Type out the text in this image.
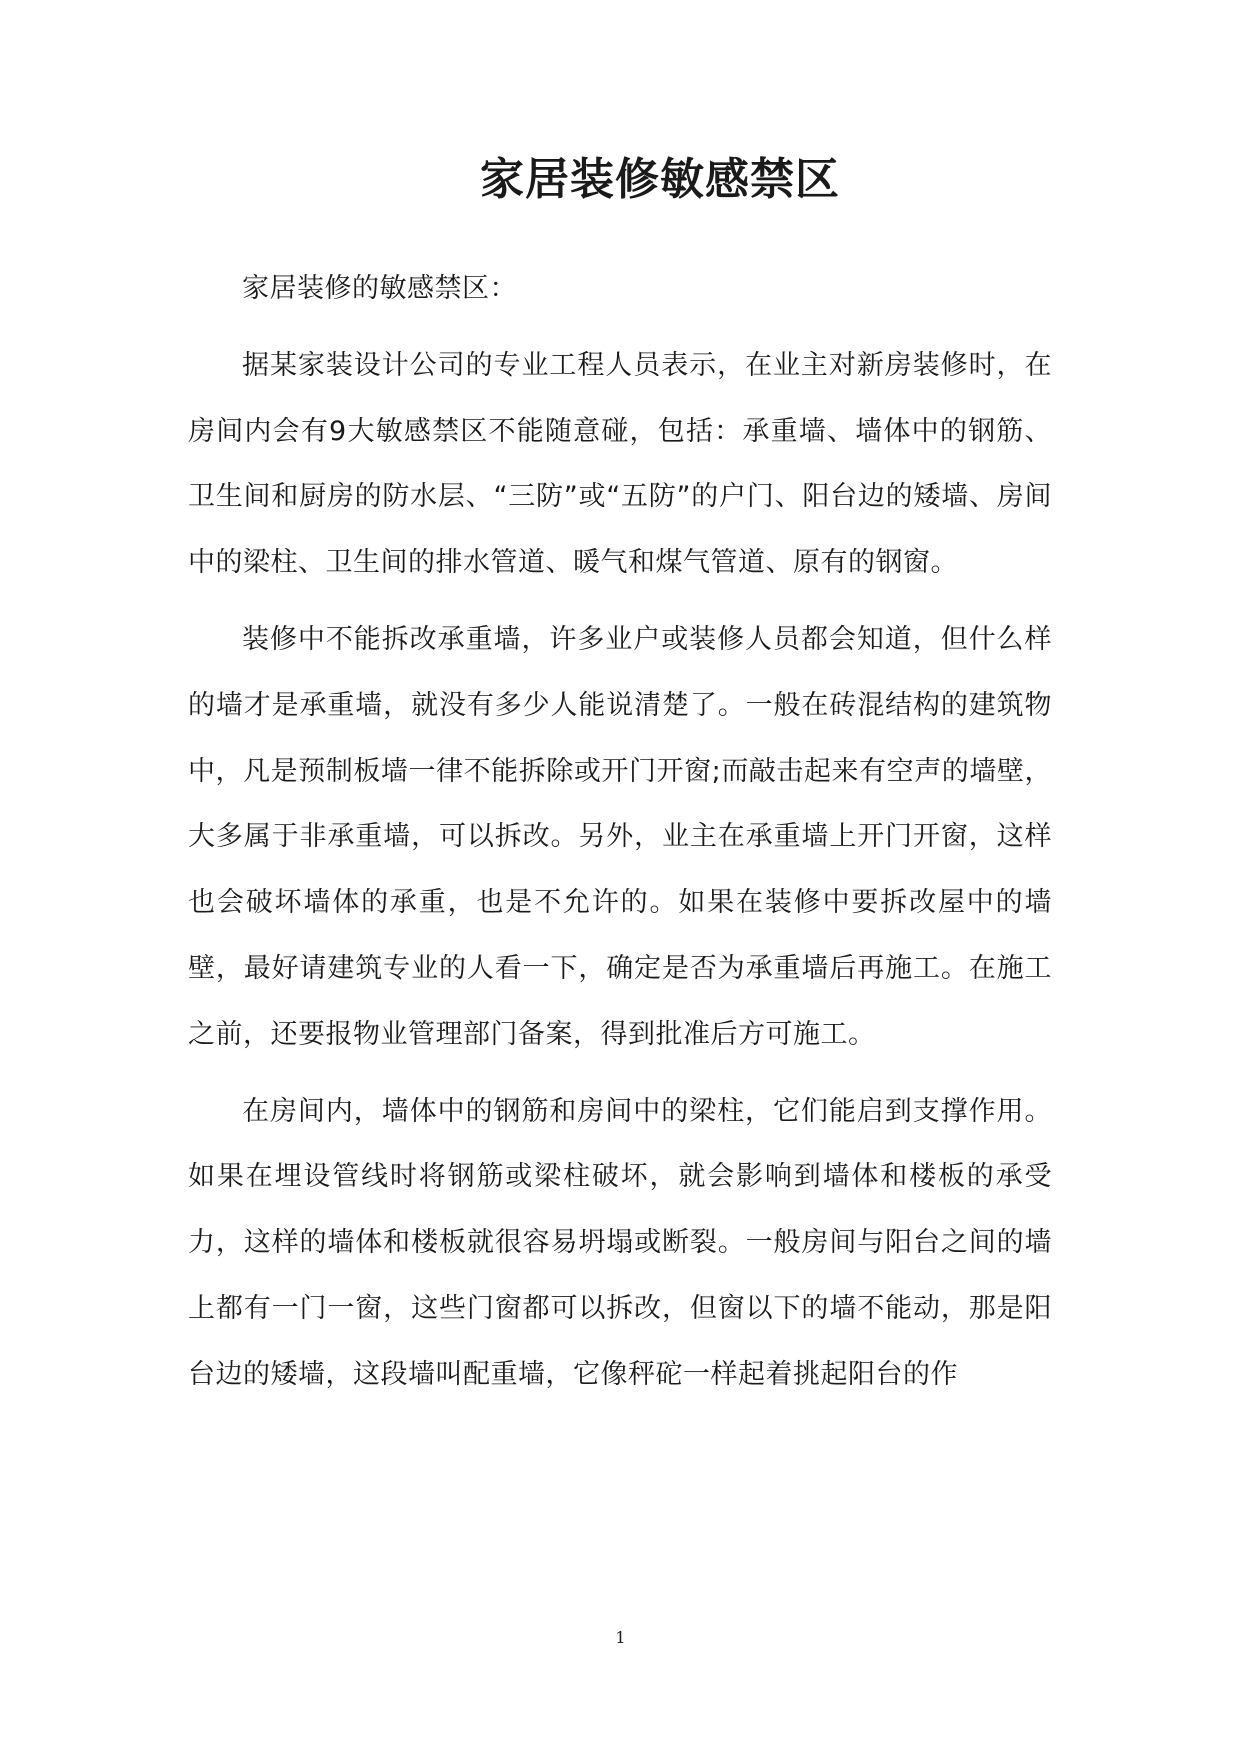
家居装修敏感禁区

家居装修的敏感禁区：

据某家装设计公司的专业工程人员表示，在业主对新房装修时，在房间内会有9大敏感禁区不能随意碰，包括：承重墙、墙体中的钢筋、卫生间和厨房的防水层、“三防”或“五防”的户门、阳台边的矮墙、房间中的梁柱、卫生间的排水管道、暖气和煤气管道、原有的钢窗。

装修中不能拆改承重墙，许多业户或装修人员都会知道，但什么样的墙才是承重墙，就没有多少人能说清楚了。一般在砖混结构的建筑物中，凡是预制板墙一律不能拆除或开门开窗;而敲击起来有空声的墙壁，大多属于非承重墙，可以拆改。另外，业主在承重墙上开门开窗，这样也会破坏墙体的承重，也是不允许的。如果在装修中要拆改屋中的墙壁，最好请建筑专业的人看一下，确定是否为承重墙后再施工。在施工之前，还要报物业管理部门备案，得到批准后方可施工。

在房间内，墙体中的钢筋和房间中的梁柱，它们能启到支撑作用。如果在埋设管线时将钢筋或梁柱破坏，就会影响到墙体和楼板的承受力，这样的墙体和楼板就很容易坍塌或断裂。一般房间与阳台之间的墙上都有一门一窗，这些门窗都可以拆改，但窗以下的墙不能动，那是阳台边的矮墙，这段墙叫配重墙，它像秤砣一样起着挑起阳台的作

1
